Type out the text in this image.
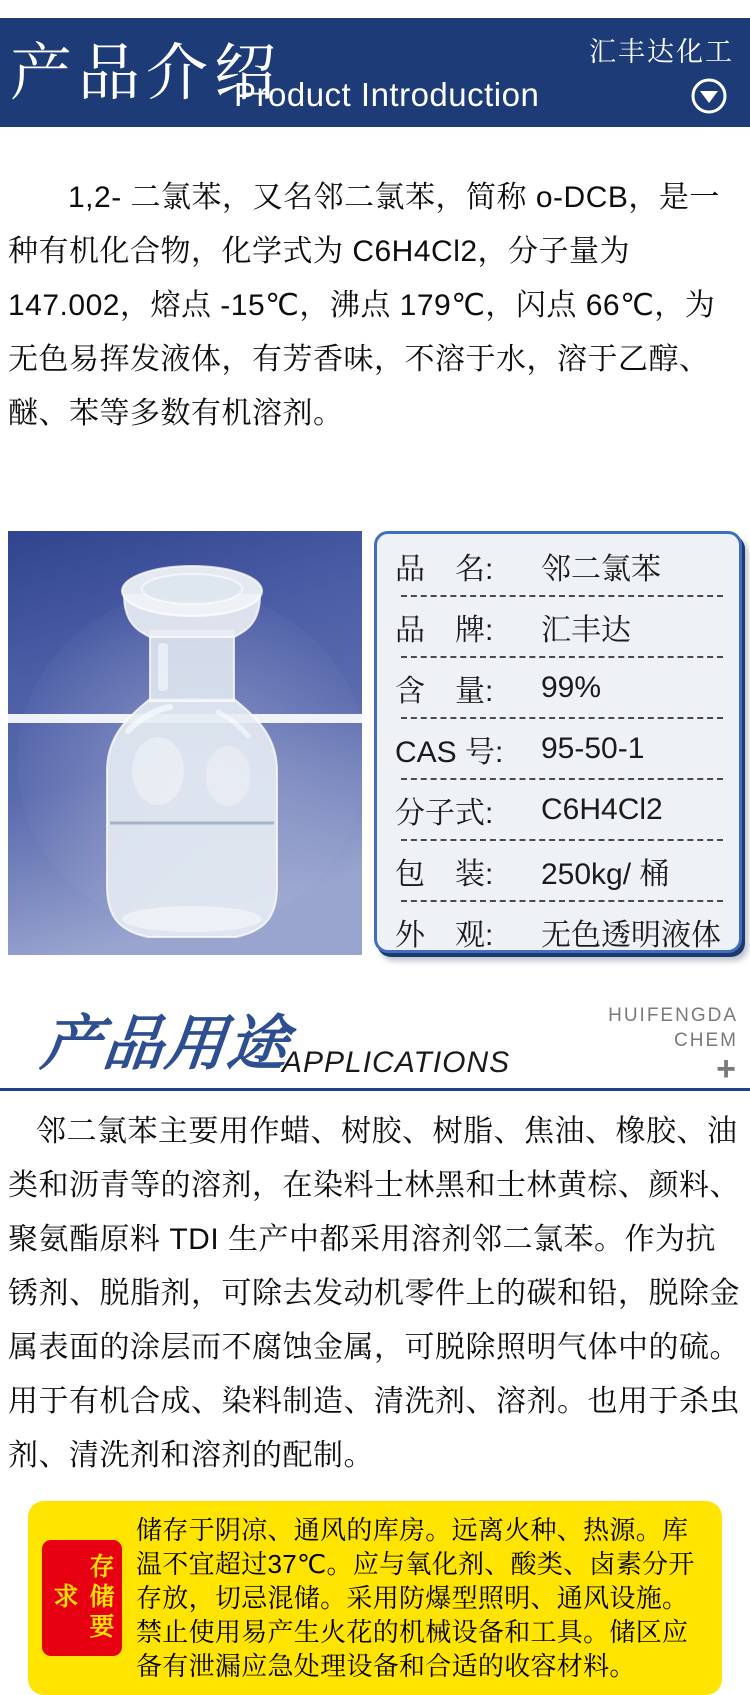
产品介绍
Product Introduction
汇丰达化工
1,2- 二氯苯，又名邻二氯苯，简称 o-DCB，是一种有机化合物，化学式为 C6H4Cl2，分子量为 147.002，熔点 -15℃，沸点 179℃，闪点 66℃，为无色易挥发液体，有芳香味，不溶于水，溶于乙醇、醚、苯等多数有机溶剂。
品　名:	邻二氯苯
品　牌:	汇丰达
含　量:	99%
CAS 号:	95-50-1
分子式:	C6H4Cl2
包　装:	250kg/ 桶
外　观:	无色透明液体
产品用途
APPLICATIONS
HUIFENGDA
CHEM
+
邻二氯苯主要用作蜡、树胶、树脂、焦油、橡胶、油类和沥青等的溶剂，在染料士林黑和士林黄棕、颜料、聚氨酯原料 TDI 生产中都采用溶剂邻二氯苯。作为抗锈剂、脱脂剂，可除去发动机零件上的碳和铅，脱除金属表面的涂层而不腐蚀金属，可脱除照明气体中的硫。用于有机合成、染料制造、清洗剂、溶剂。也用于杀虫剂、清洗剂和溶剂的配制。
存储要求
储存于阴凉、通风的库房。远离火种、热源。库温不宜超过37℃。应与氧化剂、酸类、卤素分开存放，切忌混储。采用防爆型照明、通风设施。禁止使用易产生火花的机械设备和工具。储区应备有泄漏应急处理设备和合适的收容材料。
